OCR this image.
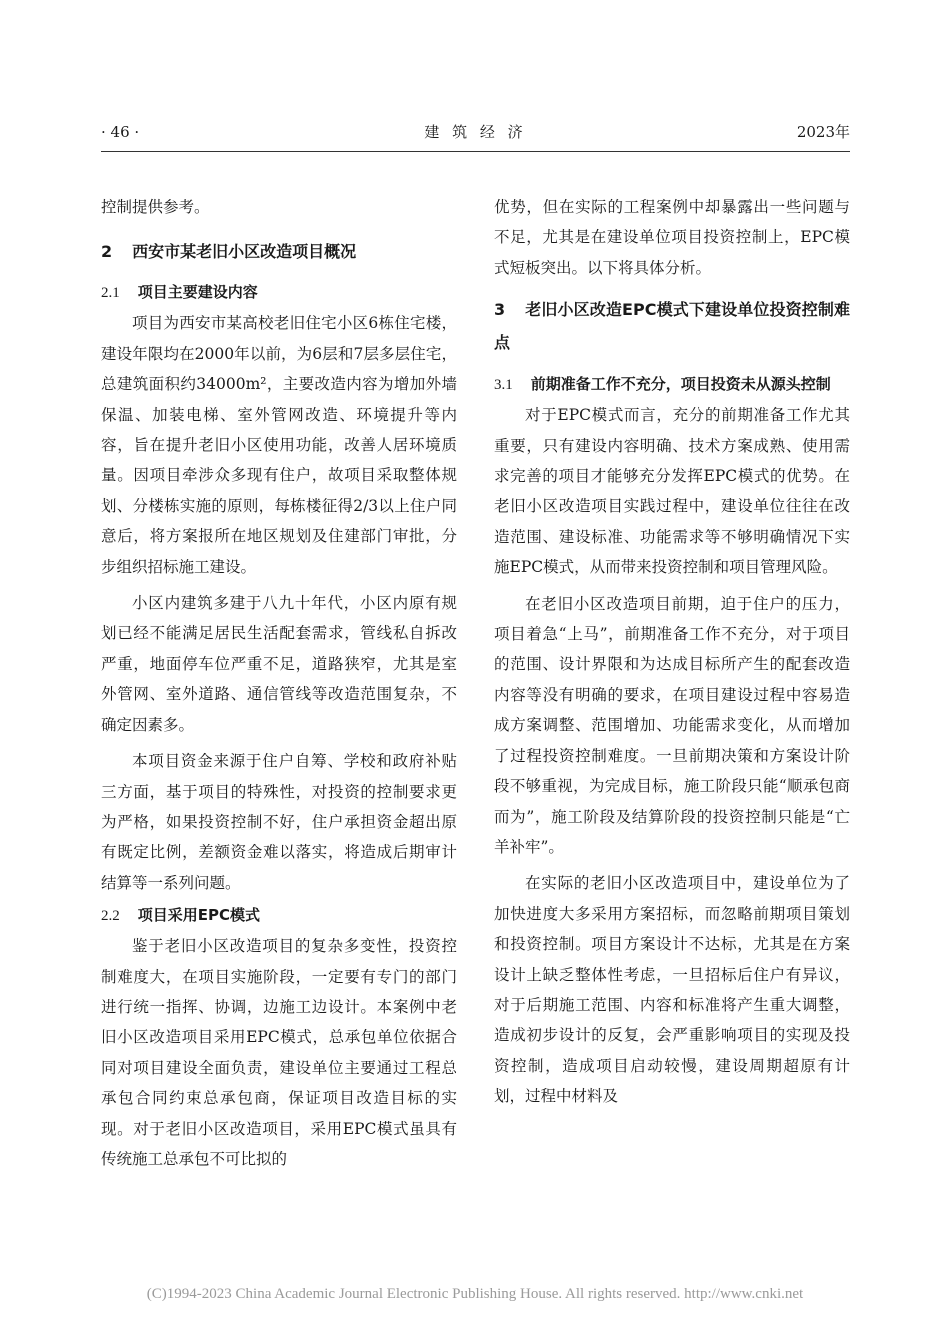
· 46 ·	建 筑 经 济	2023年

控制提供参考。

2 西安市某老旧小区改造项目概况
2.1 项目主要建设内容

项目为西安市某高校老旧住宅小区6栋住宅楼，建设年限均在2000年以前，为6层和7层多层住宅，总建筑面积约34000m²，主要改造内容为增加外墙保温、加装电梯、室外管网改造、环境提升等内容，旨在提升老旧小区使用功能，改善人居环境质量。因项目牵涉众多现有住户，故项目采取整体规划、分楼栋实施的原则，每栋楼征得2/3以上住户同意后，将方案报所在地区规划及住建部门审批，分步组织招标施工建设。

小区内建筑多建于八九十年代，小区内原有规划已经不能满足居民生活配套需求，管线私自拆改严重，地面停车位严重不足，道路狭窄，尤其是室外管网、室外道路、通信管线等改造范围复杂，不确定因素多。

本项目资金来源于住户自筹、学校和政府补贴三方面，基于项目的特殊性，对投资的控制要求更为严格，如果投资控制不好，住户承担资金超出原有既定比例，差额资金难以落实，将造成后期审计结算等一系列问题。

2.2 项目采用EPC模式

鉴于老旧小区改造项目的复杂多变性，投资控制难度大，在项目实施阶段，一定要有专门的部门进行统一指挥、协调，边施工边设计。本案例中老旧小区改造项目采用EPC模式，总承包单位依据合同对项目建设全面负责，建设单位主要通过工程总承包合同约束总承包商，保证项目改造目标的实现。对于老旧小区改造项目，采用EPC模式虽具有传统施工总承包不可比拟的

优势，但在实际的工程案例中却暴露出一些问题与不足，尤其是在建设单位项目投资控制上，EPC模式短板突出。以下将具体分析。

3 老旧小区改造EPC模式下建设单位投资控制难点
3.1 前期准备工作不充分，项目投资未从源头控制

对于EPC模式而言，充分的前期准备工作尤其重要，只有建设内容明确、技术方案成熟、使用需求完善的项目才能够充分发挥EPC模式的优势。在老旧小区改造项目实践过程中，建设单位往往在改造范围、建设标准、功能需求等不够明确情况下实施EPC模式，从而带来投资控制和项目管理风险。

在老旧小区改造项目前期，迫于住户的压力，项目着急“上马”，前期准备工作不充分，对于项目的范围、设计界限和为达成目标所产生的配套改造内容等没有明确的要求，在项目建设过程中容易造成方案调整、范围增加、功能需求变化，从而增加了过程投资控制难度。一旦前期决策和方案设计阶段不够重视，为完成目标，施工阶段只能“顺承包商而为”，施工阶段及结算阶段的投资控制只能是“亡羊补牢”。

在实际的老旧小区改造项目中，建设单位为了加快进度大多采用方案招标，而忽略前期项目策划和投资控制。项目方案设计不达标，尤其是在方案设计上缺乏整体性考虑，一旦招标后住户有异议，对于后期施工范围、内容和标准将产生重大调整，造成初步设计的反复，会严重影响项目的实现及投资控制，造成项目启动较慢，建设周期超原有计划，过程中材料及

(C)1994-2023 China Academic Journal Electronic Publishing House. All rights reserved. http://www.cnki.net
